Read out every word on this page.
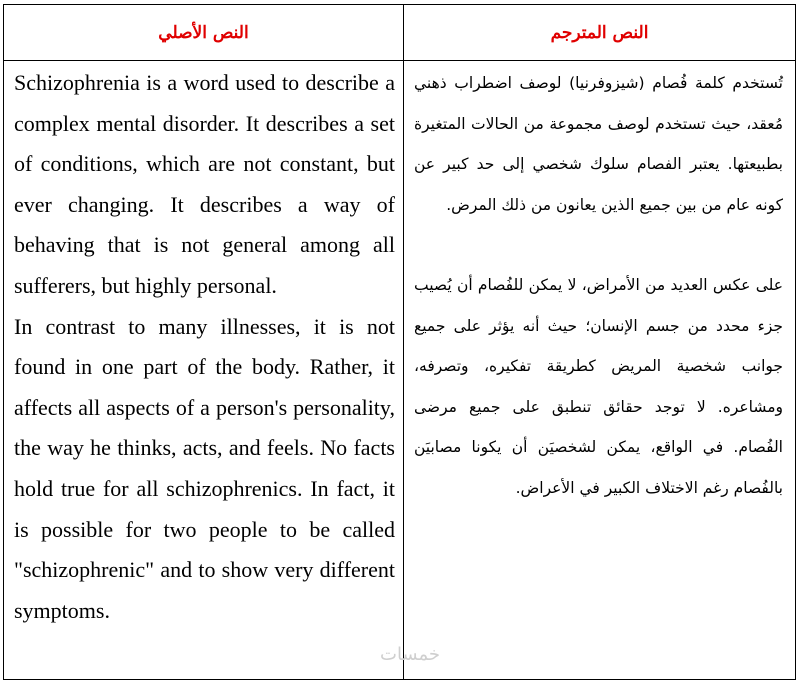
النص الأصلي	النص المترجم

Schizophrenia is a word used to describe a complex mental disorder. It describes a set of conditions, which are not constant, but ever changing. It describes a way of behaving that is not general among all sufferers, but highly personal.

In contrast to many illnesses, it is not found in one part of the body. Rather, it affects all aspects of a person's personality, the way he thinks, acts, and feels. No facts hold true for all schizophrenics. In fact, it is possible for two people to be called "schizophrenic" and to show very different symptoms.

تُستخدم كلمة فُصام (شيزوفرنيا) لوصف اضطراب ذهني مُعقد، حيث تستخدم لوصف مجموعة من الحالات المتغيرة بطبيعتها. يعتبر الفصام سلوك شخصي إلى حد كبير عن كونه عام من بين جميع الذين يعانون من ذلك المرض.

على عكس العديد من الأمراض، لا يمكن للفُصام أن يُصيب جزء محدد من جسم الإنسان؛ حيث أنه يؤثر على جميع جوانب شخصية المريض كطريقة تفكيره، وتصرفه، ومشاعره. لا توجد حقائق تنطبق على جميع مرضى الفُصام. في الواقع، يمكن لشخصيَن أن يكونا مصابيَن بالفُصام رغم الاختلاف الكبير في الأعراض.

خمسات
